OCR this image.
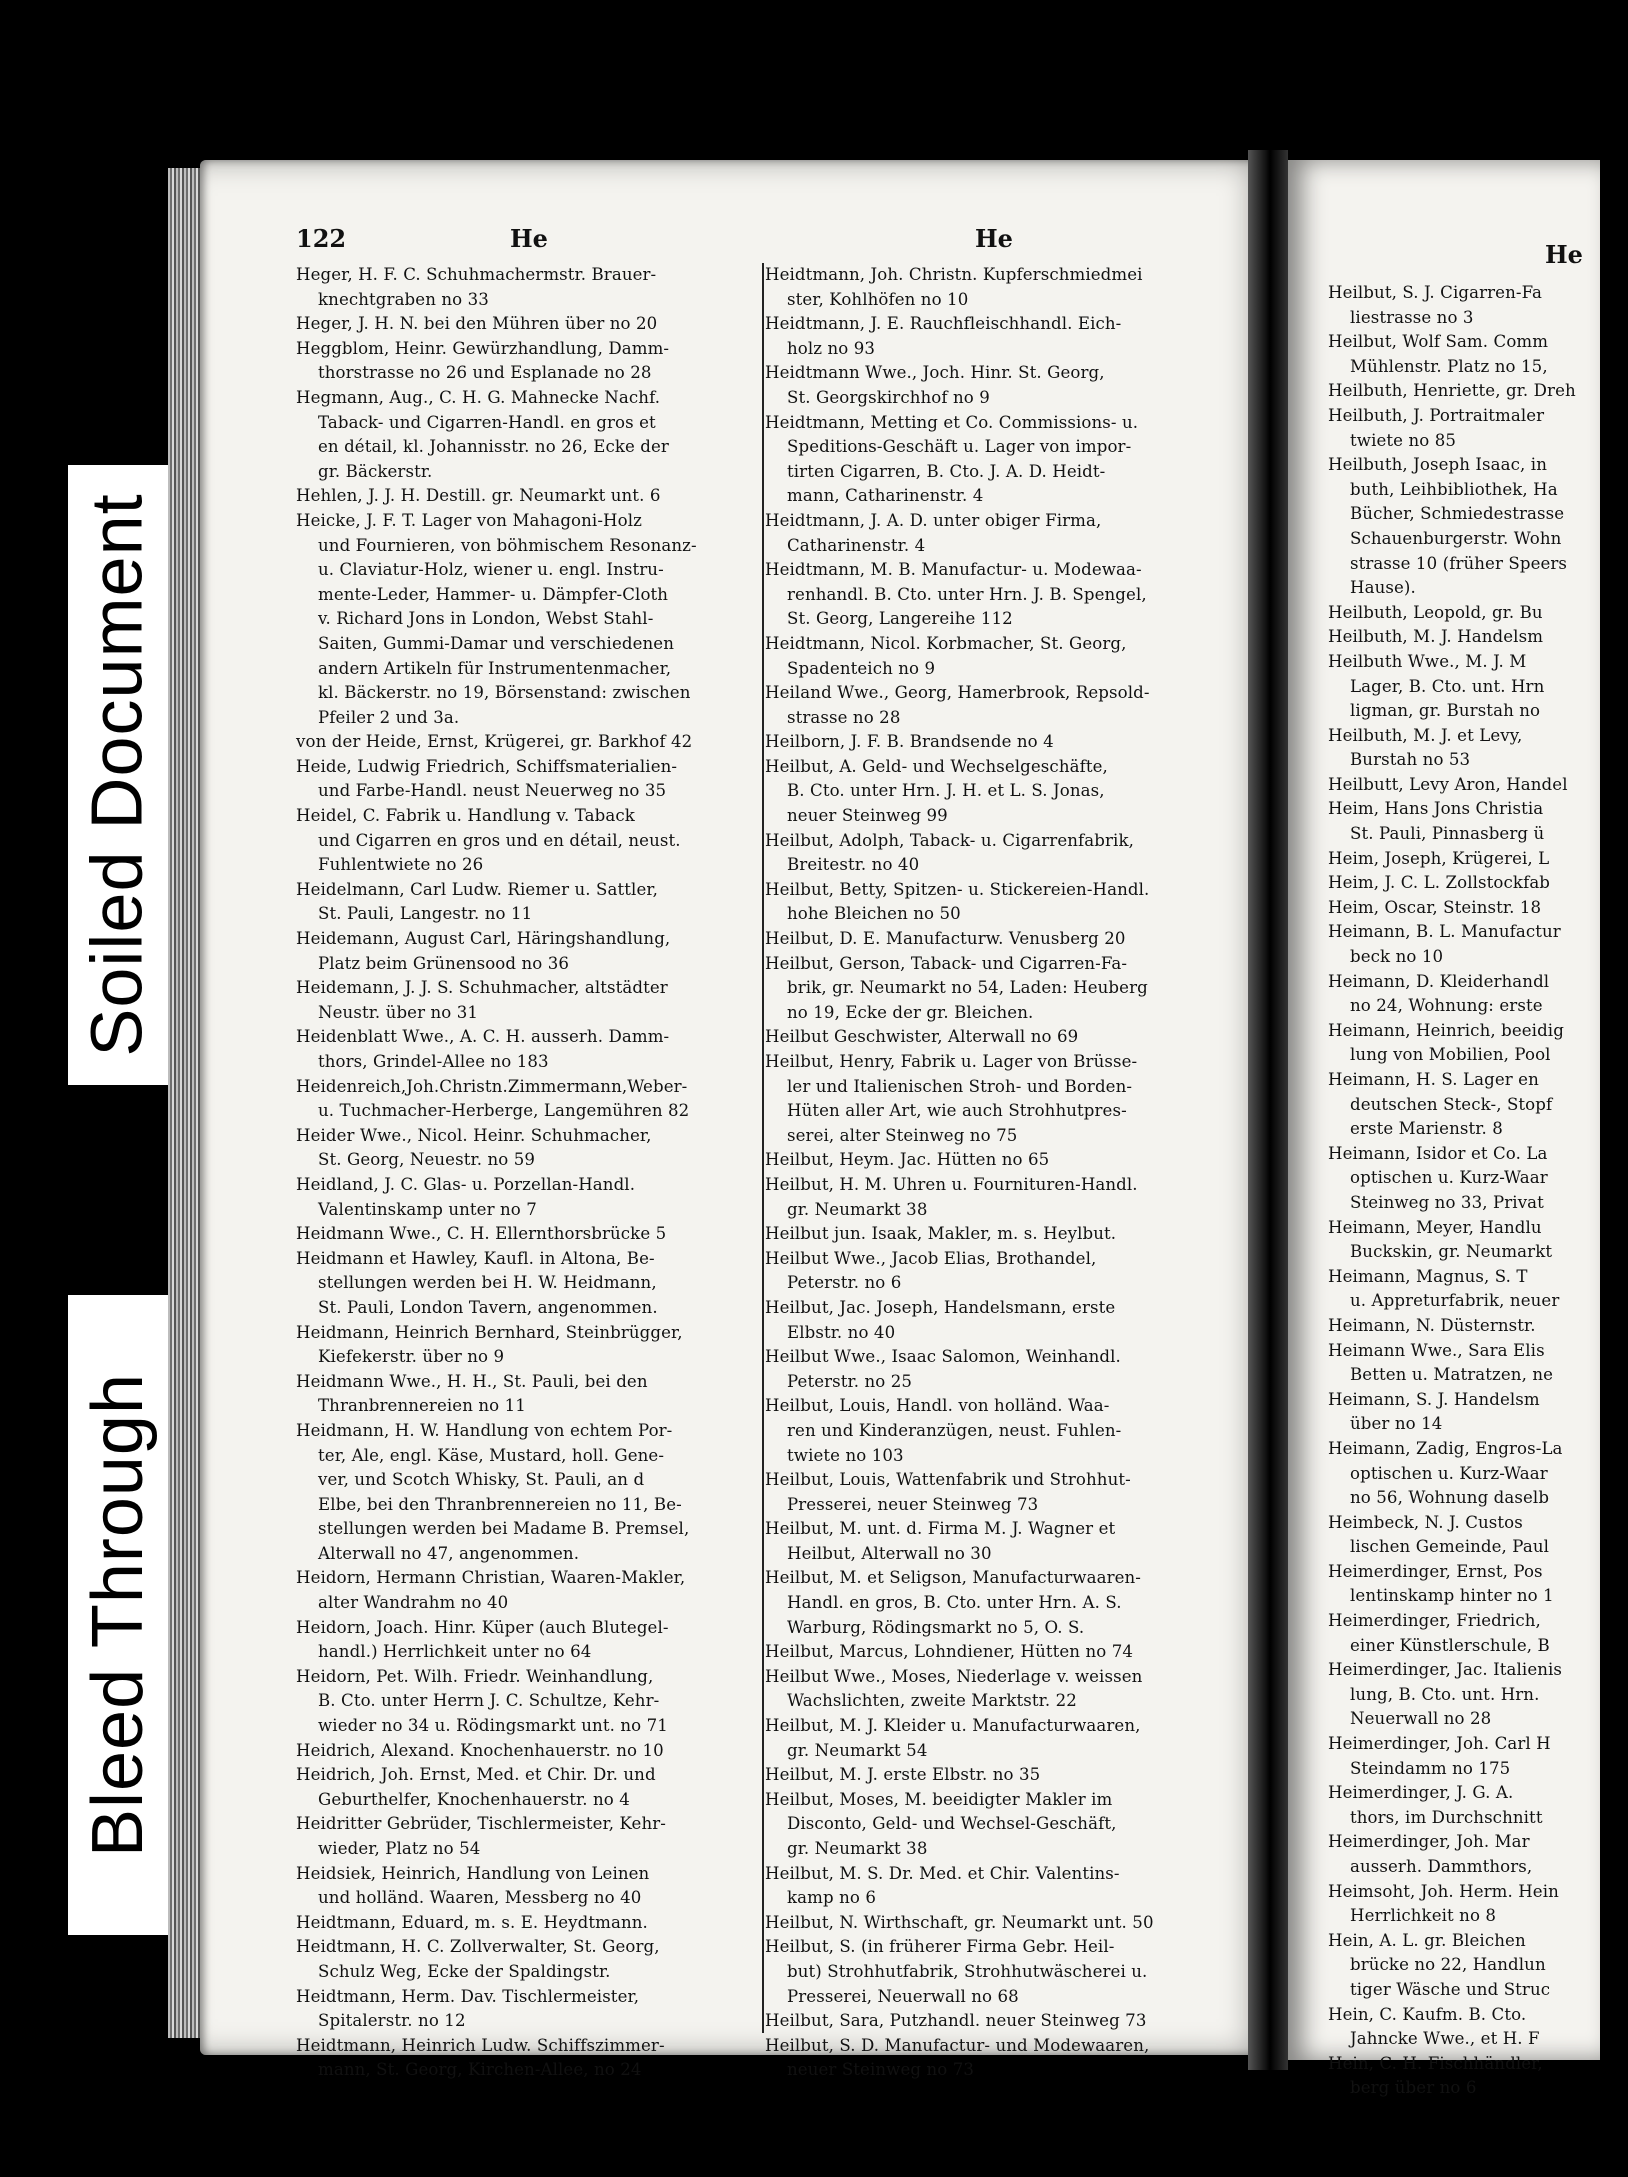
Soiled Document
Bleed Through
122	He	He
He
Heger, H. F. C. Schuhmachermstr. Brauer-
knechtgraben no 33
Heger, J. H. N. bei den Mühren über no 20
Heggblom, Heinr. Gewürzhandlung, Damm-
thorstrasse no 26 und Esplanade no 28
Hegmann, Aug., C. H. G. Mahnecke Nachf.
Taback- und Cigarren-Handl. en gros et
en détail, kl. Johannisstr. no 26, Ecke der
gr. Bäckerstr.
Hehlen, J. J. H. Destill. gr. Neumarkt unt. 6
Heicke, J. F. T. Lager von Mahagoni-Holz
und Fournieren, von böhmischem Resonanz-
u. Claviatur-Holz, wiener u. engl. Instru-
mente-Leder, Hammer- u. Dämpfer-Cloth
v. Richard Jons in London, Webst Stahl-
Saiten, Gummi-Damar und verschiedenen
andern Artikeln für Instrumentenmacher,
kl. Bäckerstr. no 19, Börsenstand: zwischen
Pfeiler 2 und 3a.
von der Heide, Ernst, Krügerei, gr. Barkhof 42
Heide, Ludwig Friedrich, Schiffsmaterialien-
und Farbe-Handl. neust Neuerweg no 35
Heidel, C. Fabrik u. Handlung v. Taback
und Cigarren en gros und en détail, neust.
Fuhlentwiete no 26
Heidelmann, Carl Ludw. Riemer u. Sattler,
St. Pauli, Langestr. no 11
Heidemann, August Carl, Häringshandlung,
Platz beim Grünensood no 36
Heidemann, J. J. S. Schuhmacher, altstädter
Neustr. über no 31
Heidenblatt Wwe., A. C. H. ausserh. Damm-
thors, Grindel-Allee no 183
Heidenreich,Joh.Christn.Zimmermann,Weber-
u. Tuchmacher-Herberge, Langemühren 82
Heider Wwe., Nicol. Heinr. Schuhmacher,
St. Georg, Neuestr. no 59
Heidland, J. C. Glas- u. Porzellan-Handl.
Valentinskamp unter no 7
Heidmann Wwe., C. H. Ellernthorsbrücke 5
Heidmann et Hawley, Kaufl. in Altona, Be-
stellungen werden bei H. W. Heidmann,
St. Pauli, London Tavern, angenommen.
Heidmann, Heinrich Bernhard, Steinbrügger,
Kiefekerstr. über no 9
Heidmann Wwe., H. H., St. Pauli, bei den
Thranbrennereien no 11
Heidmann, H. W. Handlung von echtem Por-
ter, Ale, engl. Käse, Mustard, holl. Gene-
ver, und Scotch Whisky, St. Pauli, an d
Elbe, bei den Thranbrennereien no 11, Be-
stellungen werden bei Madame B. Premsel,
Alterwall no 47, angenommen.
Heidorn, Hermann Christian, Waaren-Makler,
alter Wandrahm no 40
Heidorn, Joach. Hinr. Küper (auch Blutegel-
handl.) Herrlichkeit unter no 64
Heidorn, Pet. Wilh. Friedr. Weinhandlung,
B. Cto. unter Herrn J. C. Schultze, Kehr-
wieder no 34 u. Rödingsmarkt unt. no 71
Heidrich, Alexand. Knochenhauerstr. no 10
Heidrich, Joh. Ernst, Med. et Chir. Dr. und
Geburthelfer, Knochenhauerstr. no 4
Heidritter Gebrüder, Tischlermeister, Kehr-
wieder, Platz no 54
Heidsiek, Heinrich, Handlung von Leinen
und holländ. Waaren, Messberg no 40
Heidtmann, Eduard, m. s. E. Heydtmann.
Heidtmann, H. C. Zollverwalter, St. Georg,
Schulz Weg, Ecke der Spaldingstr.
Heidtmann, Herm. Dav. Tischlermeister,
Spitalerstr. no 12
Heidtmann, Heinrich Ludw. Schiffszimmer-
mann, St. Georg, Kirchen-Allee, no 24
Heidtmann, Joh. Christn. Kupferschmiedmei
ster, Kohlhöfen no 10
Heidtmann, J. E. Rauchfleischhandl. Eich-
holz no 93
Heidtmann Wwe., Joch. Hinr. St. Georg,
St. Georgskirchhof no 9
Heidtmann, Metting et Co. Commissions- u.
Speditions-Geschäft u. Lager von impor-
tirten Cigarren, B. Cto. J. A. D. Heidt-
mann, Catharinenstr. 4
Heidtmann, J. A. D. unter obiger Firma,
Catharinenstr. 4
Heidtmann, M. B. Manufactur- u. Modewaa-
renhandl. B. Cto. unter Hrn. J. B. Spengel,
St. Georg, Langereihe 112
Heidtmann, Nicol. Korbmacher, St. Georg,
Spadenteich no 9
Heiland Wwe., Georg, Hamerbrook, Repsold-
strasse no 28
Heilborn, J. F. B. Brandsende no 4
Heilbut, A. Geld- und Wechselgeschäfte,
B. Cto. unter Hrn. J. H. et L. S. Jonas,
neuer Steinweg 99
Heilbut, Adolph, Taback- u. Cigarrenfabrik,
Breitestr. no 40
Heilbut, Betty, Spitzen- u. Stickereien-Handl.
hohe Bleichen no 50
Heilbut, D. E. Manufacturw. Venusberg 20
Heilbut, Gerson, Taback- und Cigarren-Fa-
brik, gr. Neumarkt no 54, Laden: Heuberg
no 19, Ecke der gr. Bleichen.
Heilbut Geschwister, Alterwall no 69
Heilbut, Henry, Fabrik u. Lager von Brüsse-
ler und Italienischen Stroh- und Borden-
Hüten aller Art, wie auch Strohhutpres-
serei, alter Steinweg no 75
Heilbut, Heym. Jac. Hütten no 65
Heilbut, H. M. Uhren u. Fournituren-Handl.
gr. Neumarkt 38
Heilbut jun. Isaak, Makler, m. s. Heylbut.
Heilbut Wwe., Jacob Elias, Brothandel,
Peterstr. no 6
Heilbut, Jac. Joseph, Handelsmann, erste
Elbstr. no 40
Heilbut Wwe., Isaac Salomon, Weinhandl.
Peterstr. no 25
Heilbut, Louis, Handl. von holländ. Waa-
ren und Kinderanzügen, neust. Fuhlen-
twiete no 103
Heilbut, Louis, Wattenfabrik und Strohhut-
Presserei, neuer Steinweg 73
Heilbut, M. unt. d. Firma M. J. Wagner et
Heilbut, Alterwall no 30
Heilbut, M. et Seligson, Manufacturwaaren-
Handl. en gros, B. Cto. unter Hrn. A. S.
Warburg, Rödingsmarkt no 5, O. S.
Heilbut, Marcus, Lohndiener, Hütten no 74
Heilbut Wwe., Moses, Niederlage v. weissen
Wachslichten, zweite Marktstr. 22
Heilbut, M. J. Kleider u. Manufacturwaaren,
gr. Neumarkt 54
Heilbut, M. J. erste Elbstr. no 35
Heilbut, Moses, M. beeidigter Makler im
Disconto, Geld- und Wechsel-Geschäft,
gr. Neumarkt 38
Heilbut, M. S. Dr. Med. et Chir. Valentins-
kamp no 6
Heilbut, N. Wirthschaft, gr. Neumarkt unt. 50
Heilbut, S. (in früherer Firma Gebr. Heil-
but) Strohhutfabrik, Strohhutwäscherei u.
Presserei, Neuerwall no 68
Heilbut, Sara, Putzhandl. neuer Steinweg 73
Heilbut, S. D. Manufactur- und Modewaaren,
neuer Steinweg no 73
Heilbut, S. J. Cigarren-Fa
liestrasse no 3
Heilbut, Wolf Sam. Comm
Mühlenstr. Platz no 15,
Heilbuth, Henriette, gr. Dreh
Heilbuth, J. Portraitmaler
twiete no 85
Heilbuth, Joseph Isaac, in
buth, Leihbibliothek, Ha
Bücher, Schmiedestrasse
Schauenburgerstr. Wohn
strasse 10 (früher Speers
Hause).
Heilbuth, Leopold, gr. Bu
Heilbuth, M. J. Handelsm
Heilbuth Wwe., M. J. M
Lager, B. Cto. unt. Hrn
ligman, gr. Burstah no
Heilbuth, M. J. et Levy,
Burstah no 53
Heilbutt, Levy Aron, Handel
Heim, Hans Jons Christia
St. Pauli, Pinnasberg ü
Heim, Joseph, Krügerei, L
Heim, J. C. L. Zollstockfab
Heim, Oscar, Steinstr. 18
Heimann, B. L. Manufactur
beck no 10
Heimann, D. Kleiderhandl
no 24, Wohnung: erste
Heimann, Heinrich, beeidig
lung von Mobilien, Pool
Heimann, H. S. Lager en
deutschen Steck-, Stopf
erste Marienstr. 8
Heimann, Isidor et Co. La
optischen u. Kurz-Waar
Steinweg no 33, Privat
Heimann, Meyer, Handlu
Buckskin, gr. Neumarkt
Heimann, Magnus, S. T
u. Appreturfabrik, neuer
Heimann, N. Düsternstr.
Heimann Wwe., Sara Elis
Betten u. Matratzen, ne
Heimann, S. J. Handelsm
über no 14
Heimann, Zadig, Engros-La
optischen u. Kurz-Waar
no 56, Wohnung daselb
Heimbeck, N. J. Custos
lischen Gemeinde, Paul
Heimerdinger, Ernst, Pos
lentinskamp hinter no 1
Heimerdinger, Friedrich,
einer Künstlerschule, B
Heimerdinger, Jac. Italienis
lung, B. Cto. unt. Hrn.
Neuerwall no 28
Heimerdinger, Joh. Carl H
Steindamm no 175
Heimerdinger, J. G. A.
thors, im Durchschnitt
Heimerdinger, Joh. Mar
ausserh. Dammthors,
Heimsoht, Joh. Herm. Hein
Herrlichkeit no 8
Hein, A. L. gr. Bleichen
brücke no 22, Handlun
tiger Wäsche und Struc
Hein, C. Kaufm. B. Cto.
Jahncke Wwe., et H. F
Hein, C. H. Fischhändler,
berg über no 6
